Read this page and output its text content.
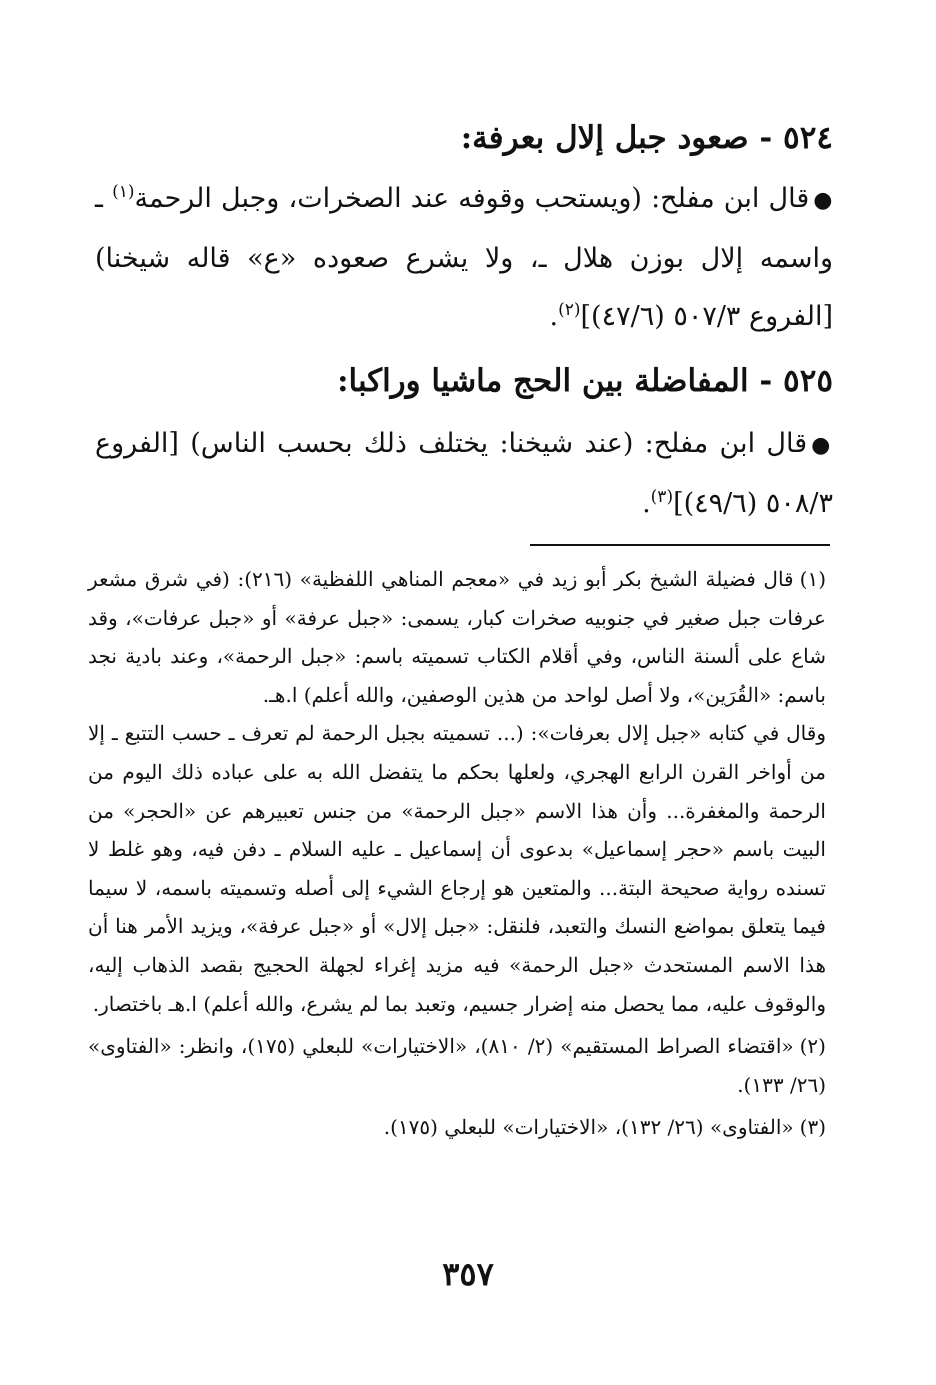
٥٢٤ - صعود جبل إلال بعرفة:
●قال ابن مفلح: (ويستحب وقوفه عند الصخرات، وجبل الرحمة$^{(١)}$ ـ واسمه إلال بوزن هلال ـ، ولا يشرع صعوده «ع» قاله شيخنا) [الفروع ٥٠٧/٣ (٤٧/٦)]$^{(٢)}$.
٥٢٥ - المفاضلة بين الحج ماشيا وراكبا:
●قال ابن مفلح: (عند شيخنا: يختلف ذلك بحسب الناس) [الفروع ٥٠٨/٣ (٤٩/٦)]$^{(٣)}$.
(١)قال فضيلة الشيخ بكر أبو زيد في «معجم المناهي اللفظية» (٢١٦): (في شرق مشعر عرفات جبل صغير في جنوبيه صخرات كبار، يسمى: «جبل عرفة» أو «جبل عرفات»، وقد شاع على ألسنة الناس، وفي أقلام الكتاب تسميته باسم: «جبل الرحمة»، وعند بادية نجد باسم: «القُرَين»، ولا أصل لواحد من هذين الوصفين، والله أعلم) ا.هـ.
وقال في كتابه «جبل إلال بعرفات»: (... تسميته بجبل الرحمة لم تعرف ـ حسب التتبع ـ إلا من أواخر القرن الرابع الهجري، ولعلها بحكم ما يتفضل الله به على عباده ذلك اليوم من الرحمة والمغفرة... وأن هذا الاسم «جبل الرحمة» من جنس تعبيرهم عن «الحجر» من البيت باسم «حجر إسماعيل» بدعوى أن إسماعيل ـ عليه السلام ـ دفن فيه، وهو غلط لا تسنده رواية صحيحة البتة... والمتعين هو إرجاع الشيء إلى أصله وتسميته باسمه، لا سيما فيما يتعلق بمواضع النسك والتعبد، فلنقل: «جبل إلال» أو «جبل عرفة»، ويزيد الأمر هنا أن هذا الاسم المستحدث «جبل الرحمة» فيه مزيد إغراء لجهلة الحجيج بقصد الذهاب إليه، والوقوف عليه، مما يحصل منه إضرار جسيم، وتعبد بما لم يشرع، والله أعلم) ا.هـ باختصار.
(٢)«اقتضاء الصراط المستقيم» (٢/ ٨١٠)، «الاختيارات» للبعلي (١٧٥)، وانظر: «الفتاوى» (٢٦/ ١٣٣).
(٣)«الفتاوى» (٢٦/ ١٣٢)، «الاختيارات» للبعلي (١٧٥).
٣٥٧
